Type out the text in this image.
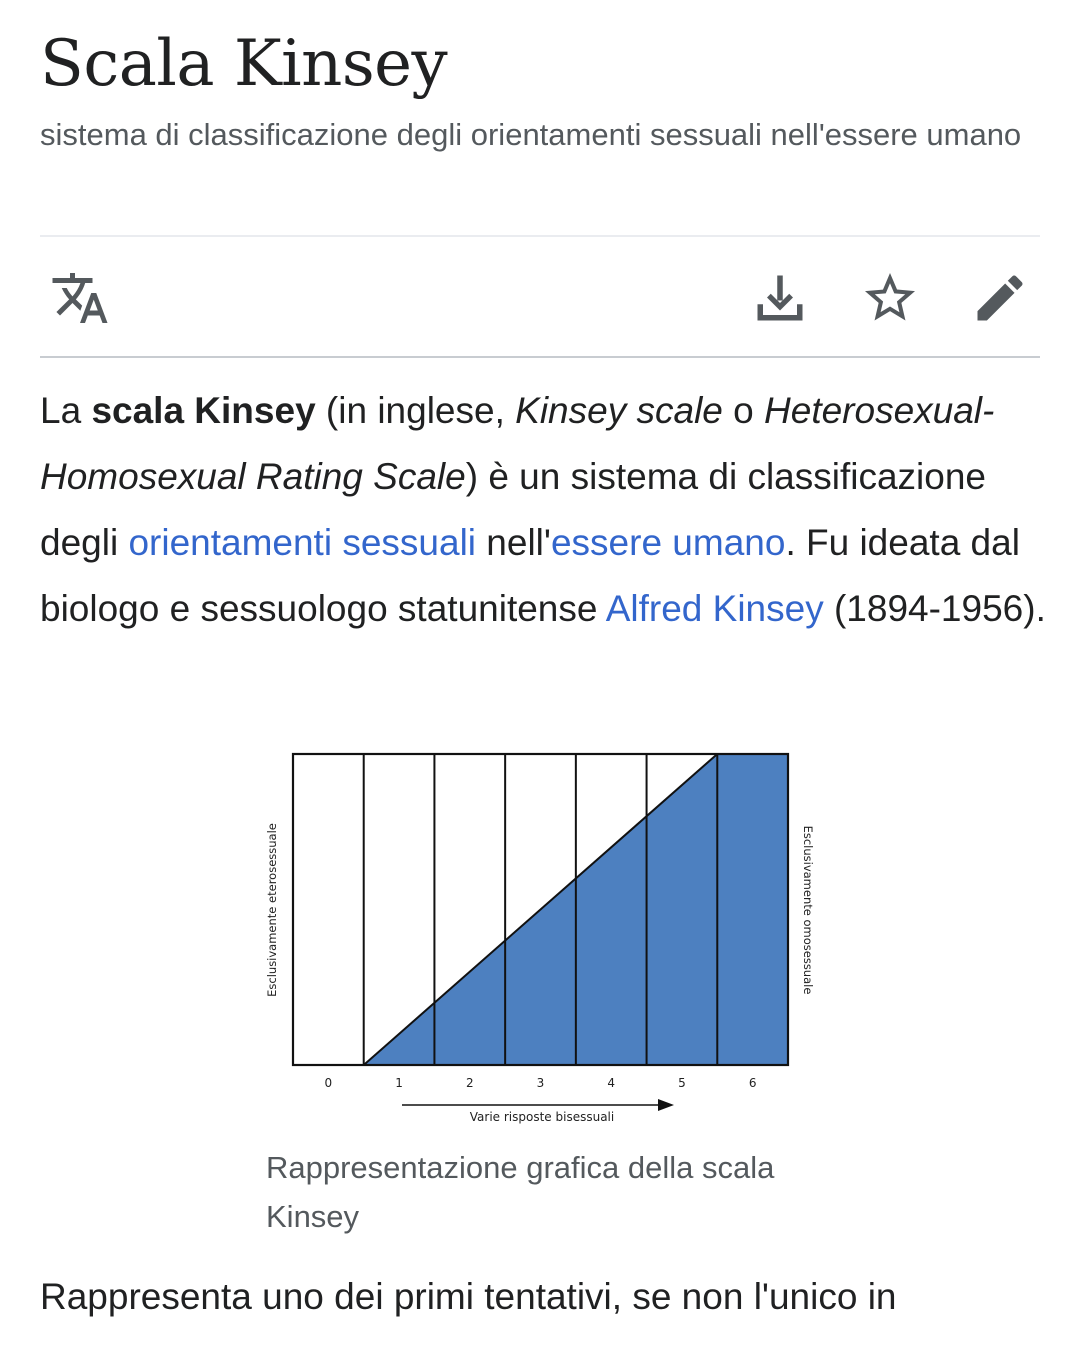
Scala Kinsey

sistema di classificazione degli orientamenti sessuali nell'essere umano

La scala Kinsey (in inglese, Kinsey scale o Heterosexual-Homosexual Rating Scale) è un sistema di classificazione degli orientamenti sessuali nell'essere umano. Fu ideata dal biologo e sessuologo statunitense Alfred Kinsey (1894-1956).

0	1	2	3	4	5	6
Esclusivamente eterosessuale	Esclusivamente omosessuale
Varie risposte bisessuali

Rappresentazione grafica della scala Kinsey

Rappresenta uno dei primi tentativi, se non l'unico in
